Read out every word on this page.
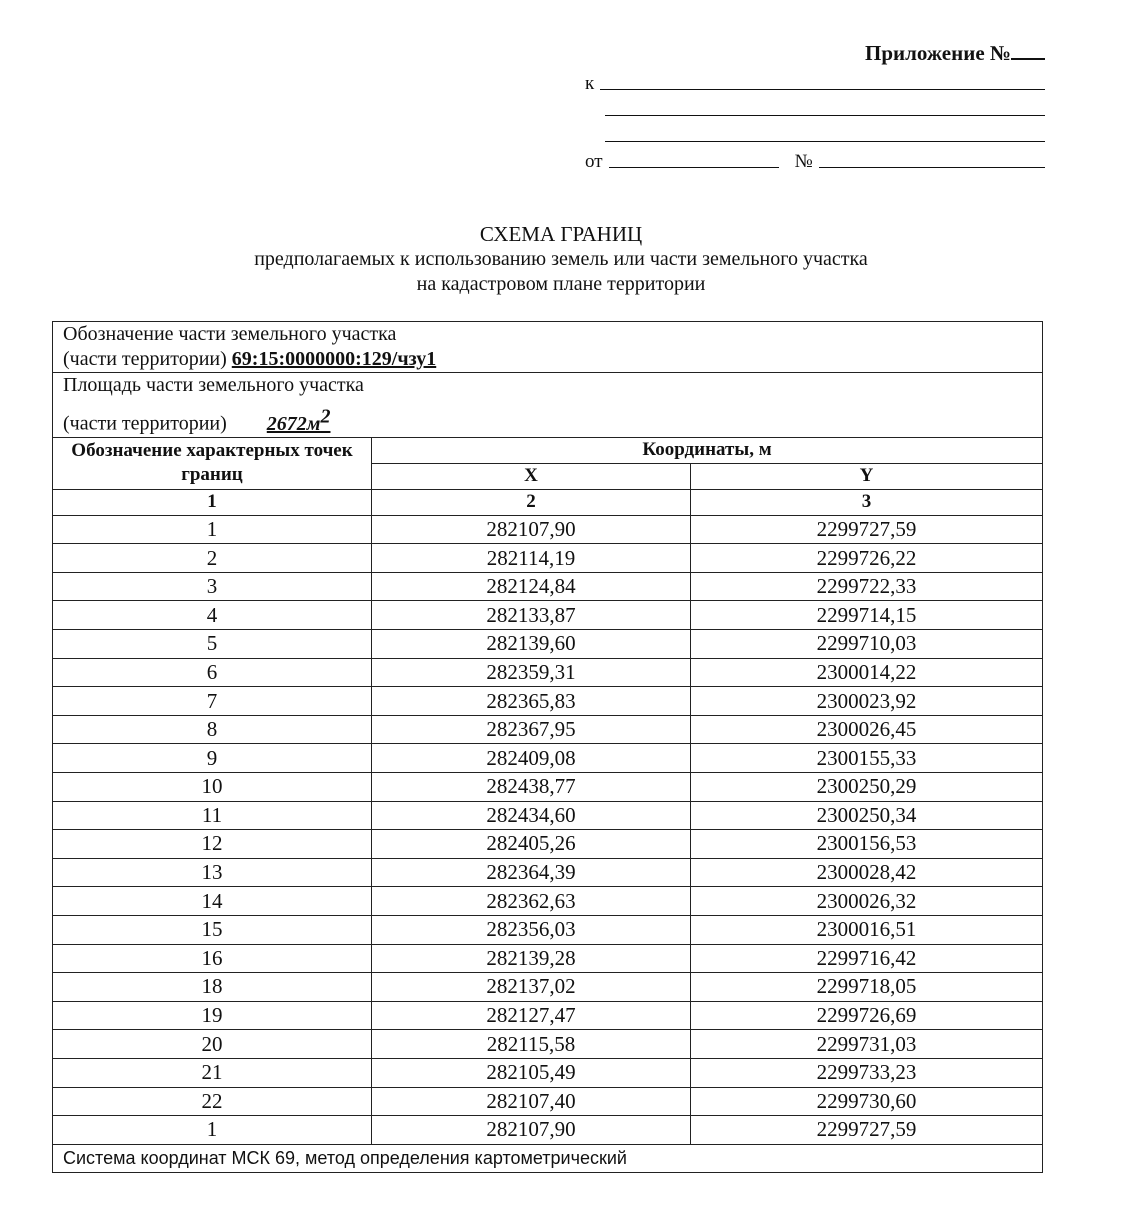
Приложение №
к
от	№
СХЕМА ГРАНИЦ
предполагаемых к использованию земель или части земельного участка
на кадастровом плане территории
Обозначение части земельного участка
(части территории) 69:15:0000000:129/чзу1		

Площадь части земельного участка
(части территории) $2672м^2$

Обозначение характерных точек границ	Координаты, м	
	X	Y
1	2	3
1	282107,90	2299727,59
2	282114,19	2299726,22
3	282124,84	2299722,33
4	282133,87	2299714,15
5	282139,60	2299710,03
6	282359,31	2300014,22
7	282365,83	2300023,92
8	282367,95	2300026,45
9	282409,08	2300155,33
10	282438,77	2300250,29
11	282434,60	2300250,34
12	282405,26	2300156,53
13	282364,39	2300028,42
14	282362,63	2300026,32
15	282356,03	2300016,51
16	282139,28	2299716,42
18	282137,02	2299718,05
19	282127,47	2299726,69
20	282115,58	2299731,03
21	282105,49	2299733,23
22	282107,40	2299730,60
1	282107,90	2299727,59
Система координат МСК 69, метод определения картометрический		
